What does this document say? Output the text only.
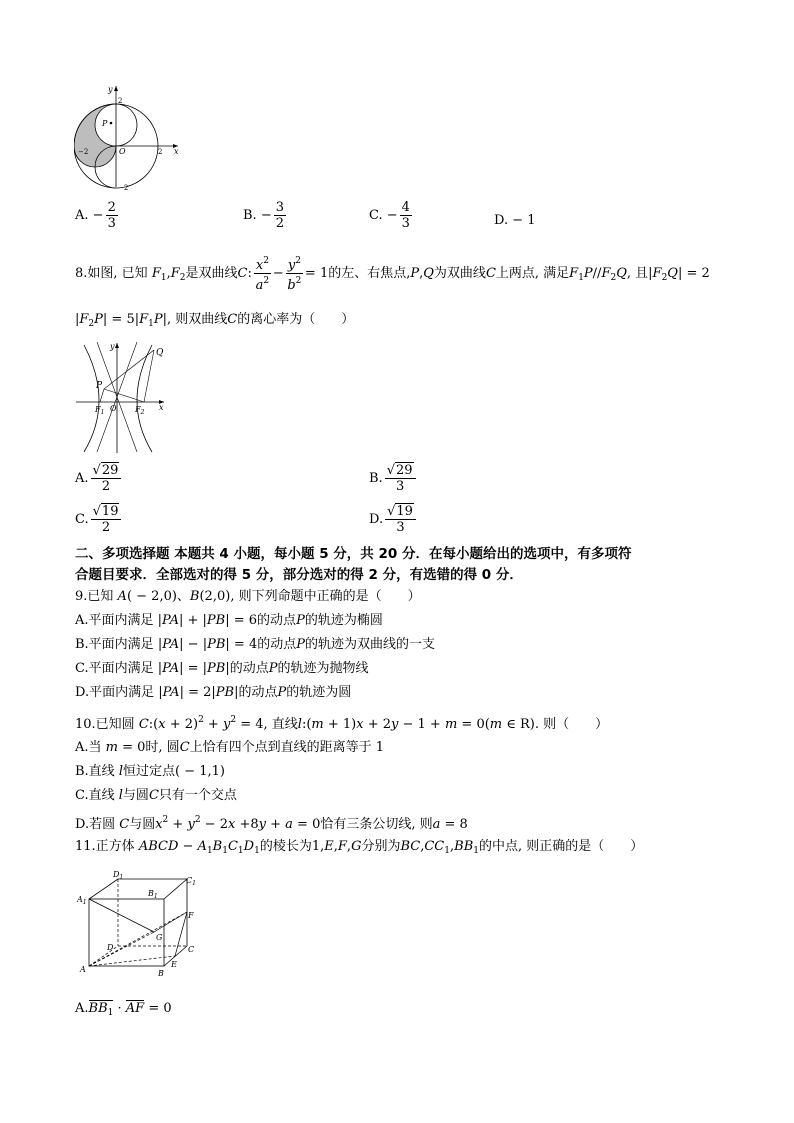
P
O
2
−2
−2	2 x
y
A. − $\frac{2}{3}$	B. − $\frac{3}{2}$	C. − $\frac{4}{3}$	D. − 1
8.如图, 已知 $F_1,F_2$是双曲线C: $\frac{x^2}{a^2} - \frac{y^2}{b^2} = 1$的左、右焦点,P,Q为双曲线C上两点, 满足$F_1P//F_2Q$, 且$|F_2Q| = 2$
$|F_2P| = 5|F_1P|$, 则双曲线C的离心率为（　　）
P
Q
$F_1$ O $F_2$
x
y
A. $\frac{√29}{2}$	B. $\frac{√29}{3}$
C. $\frac{√19}{2}$	D. $\frac{√19}{3}$
二、多项选择题 本题共 4 小题，每小题 5 分，共 20 分．在每小题给出的选项中，有多项符
合题目要求．全部选对的得 5 分，部分选对的得 2 分，有选错的得 0 分．
9.已知 A( − 2,0)、B(2,0), 则下列命题中正确的是（　　）
A.平面内满足 |PA| + |PB| = 6的动点P的轨迹为椭圆
B.平面内满足 |PA| − |PB| = 4的动点P的轨迹为双曲线的一支
C.平面内满足 |PA| = |PB|的动点P的轨迹为抛物线
D.平面内满足 |PA| = 2|PB|的动点P的轨迹为圆
10.已知圆 C:(x + $2)^2 + y^2 = 4$, 直线l:(m + 1)x + 2y − 1 + m = 0(m ∈ R). 则（　　）
A.当 m = 0时, 圆C上恰有四个点到直线的距离等于 1
B.直线 l恒过定点( − 1,1)
C.直线 l与圆C只有一个交点
D.若圆 C与圆$x^2 + y^2 - 2x +8y + a = 0$恰有三条公切线, 则a = 8
11.正方体 ABCD − $A_1B_1C_1D_1$的棱长为1,E,F,G分别为$BC,CC_1,BB_1$的中点, 则正确的是（　　）
$D_1$
$B_1$
$C_1$
$A_1$
F
G
D	C
A
E
B
$A.BB_1$ · AF = 0
